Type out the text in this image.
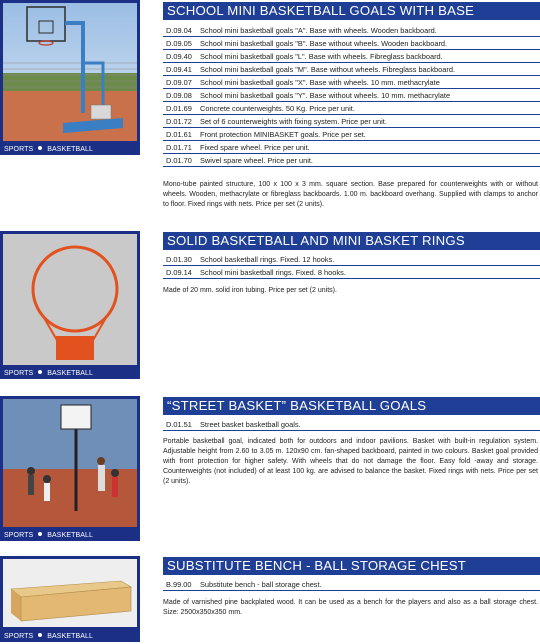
SPORTS BASKETBALL
SCHOOL MINI BASKETBALL GOALS WITH BASE
D.09.04 School mini basketball goals "A". Base with wheels. Wooden backboard.
D.09.05 School mini basketball goals "B". Base without wheels. Wooden backboard.
D.09.40 School mini basketball goals "L". Base with wheels. Fibreglass backboard.
D.09.41 School mini basketball goals "M". Base without wheels. Fibreglass backboard.
D.09.07 School mini basketball goals "X". Base with wheels. 10 mm. methacrylate
D.09.08 School mini basketball goals "Y". Base without wheels. 10 mm. methacrylate
D.01.69 Concrete counterweights. 50 Kg. Price per unit.
D.01.72 Set of 6 counterweights with fixing system. Price per unit.
D.01.61 Front protection MINIBASKET goals. Price per set.
D.01.71 Fixed spare wheel. Price per unit.
D.01.70 Swivel spare wheel. Price per unit.
Mono-tube painted structure, 100 x 100 x 3 mm. square section. Base prepared for counterweights with or without wheels. Wooden, methacrylate or fibreglass backboards. 1.00 m. backboard overhang. Supplied with clamps to anchor to floor. Fixed rings with nets. Price per set (2 units).
SPORTS BASKETBALL
SOLID BASKETBALL AND MINI BASKET RINGS
D.01.30 School basketball rings. Fixed. 12 hooks.
D.09.14 School mini basketball rings. Fixed. 8 hooks.
Made of 20 mm. solid iron tubing. Price per set (2 units).
SPORTS BASKETBALL
“STREET BASKET” BASKETBALL GOALS
D.01.51 Street basket basketball goals.
Portable basketball goal, indicated both for outdoors and indoor pavilions. Basket with built-in regulation system. Adjustable height from 2.60 to 3.05 m. 120x90 cm. fan-shaped backboard, painted in two colours. Basket goal provided with front protection for higher safety. With wheels that do not damage the floor. Easy fold -away and storage. Counterweights (not included) of at least 100 kg. are advised to balance the basket. Fixed rings with nets. Price per set (2 units).
SPORTS BASKETBALL
SUBSTITUTE BENCH - BALL STORAGE CHEST
B.99.00 Substitute bench - ball storage chest.
Made of varnished pine backplated wood. It can be used as a bench for the players and also as a ball storage chest. Size: 2500x350x350 mm.
